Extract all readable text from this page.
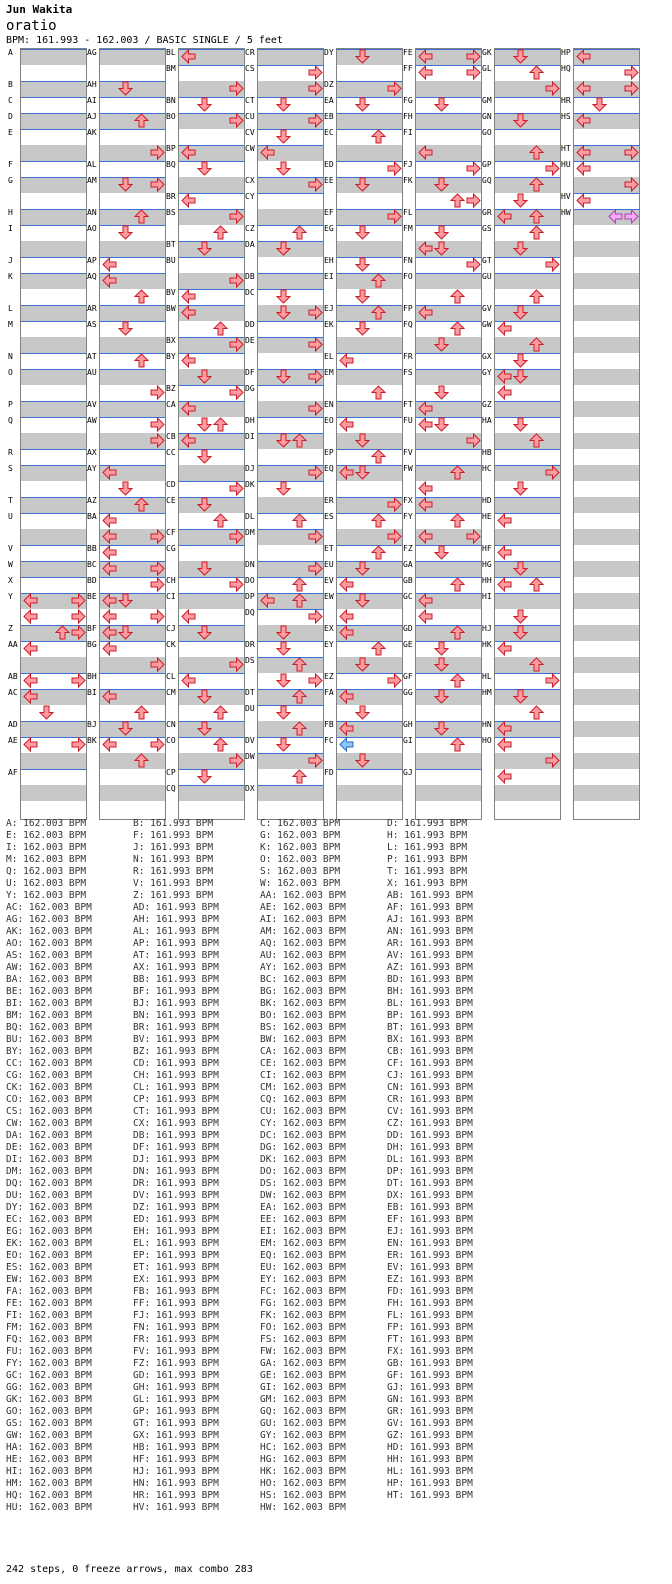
Jun Wakita
oratio
BPM: 161.993 - 162.003 / BASIC SINGLE / 5 feet
A
B
C
D
E
F
G
H
I
J
K
L
M
N
O
P
Q
R
S
T
U
V
W
X
Y
Z
AA
AB
AC
AD
AE
AF
AG
AH
AI
AJ
AK
AL
AM
AN
AO
AP
AQ
AR
AS
AT
AU
AV
AW
AX
AY
AZ
BA
BB
BC
BD
BE
BF
BG
BH
BI
BJ
BK
BL
BM
BN
BO
BP
BQ
BR
BS
BT
BU
BV
BW
BX
BY
BZ
CA
CB
CC
CD
CE
CF
CG
CH
CI
CJ
CK
CL
CM
CN
CO
CP
CQ
CR
CS
CT
CU
CV
CW
CX
CY
CZ
DA
DB
DC
DD
DE
DF
DG
DH
DI
DJ
DK
DL
DM
DN
DO
DP
DQ
DR
DS
DT
DU
DV
DW
DX
DY
DZ
EA
EB
EC
ED
EE
EF
EG
EH
EI
EJ
EK
EL
EM
EN
EO
EP
EQ
ER
ES
ET
EU
EV
EW
EX
EY
EZ
FA
FB
FC
FD
FE
FF
FG
FH
FI
FJ
FK
FL
FM
FN
FO
FP
FQ
FR
FS
FT
FU
FV
FW
FX
FY
FZ
GA
GB
GC
GD
GE
GF
GG
GH
GI
GJ
GK
GL
GM
GN
GO
GP
GQ
GR
GS
GT
GU
GV
GW
GX
GY
GZ
HA
HB
HC
HD
HE
HF
HG
HH
HI
HJ
HK
HL
HM
HN
HO
HP
HQ
HR
HS
HT
HU
HV
HW
A: 162.003 BPM	B: 161.993 BPM	C: 162.003 BPM	D: 161.993 BPM
E: 162.003 BPM	F: 161.993 BPM	G: 162.003 BPM	H: 161.993 BPM
I: 162.003 BPM	J: 161.993 BPM	K: 162.003 BPM	L: 161.993 BPM
M: 162.003 BPM	N: 161.993 BPM	O: 162.003 BPM	P: 161.993 BPM
Q: 162.003 BPM	R: 161.993 BPM	S: 162.003 BPM	T: 161.993 BPM
U: 162.003 BPM	V: 161.993 BPM	W: 162.003 BPM	X: 161.993 BPM
Y: 162.003 BPM	Z: 161.993 BPM	AA: 162.003 BPM	AB: 161.993 BPM
AC: 162.003 BPM	AD: 161.993 BPM	AE: 162.003 BPM	AF: 161.993 BPM
AG: 162.003 BPM	AH: 161.993 BPM	AI: 162.003 BPM	AJ: 161.993 BPM
AK: 162.003 BPM	AL: 161.993 BPM	AM: 162.003 BPM	AN: 161.993 BPM
AO: 162.003 BPM	AP: 161.993 BPM	AQ: 162.003 BPM	AR: 161.993 BPM
AS: 162.003 BPM	AT: 161.993 BPM	AU: 162.003 BPM	AV: 161.993 BPM
AW: 162.003 BPM	AX: 161.993 BPM	AY: 162.003 BPM	AZ: 161.993 BPM
BA: 162.003 BPM	BB: 161.993 BPM	BC: 162.003 BPM	BD: 161.993 BPM
BE: 162.003 BPM	BF: 161.993 BPM	BG: 162.003 BPM	BH: 161.993 BPM
BI: 162.003 BPM	BJ: 161.993 BPM	BK: 162.003 BPM	BL: 161.993 BPM
BM: 162.003 BPM	BN: 161.993 BPM	BO: 162.003 BPM	BP: 161.993 BPM
BQ: 162.003 BPM	BR: 161.993 BPM	BS: 162.003 BPM	BT: 161.993 BPM
BU: 162.003 BPM	BV: 161.993 BPM	BW: 162.003 BPM	BX: 161.993 BPM
BY: 162.003 BPM	BZ: 161.993 BPM	CA: 162.003 BPM	CB: 161.993 BPM
CC: 162.003 BPM	CD: 161.993 BPM	CE: 162.003 BPM	CF: 161.993 BPM
CG: 162.003 BPM	CH: 161.993 BPM	CI: 162.003 BPM	CJ: 161.993 BPM
CK: 162.003 BPM	CL: 161.993 BPM	CM: 162.003 BPM	CN: 161.993 BPM
CO: 162.003 BPM	CP: 161.993 BPM	CQ: 162.003 BPM	CR: 161.993 BPM
CS: 162.003 BPM	CT: 161.993 BPM	CU: 162.003 BPM	CV: 161.993 BPM
CW: 162.003 BPM	CX: 161.993 BPM	CY: 162.003 BPM	CZ: 161.993 BPM
DA: 162.003 BPM	DB: 161.993 BPM	DC: 162.003 BPM	DD: 161.993 BPM
DE: 162.003 BPM	DF: 161.993 BPM	DG: 162.003 BPM	DH: 161.993 BPM
DI: 162.003 BPM	DJ: 161.993 BPM	DK: 162.003 BPM	DL: 161.993 BPM
DM: 162.003 BPM	DN: 161.993 BPM	DO: 162.003 BPM	DP: 161.993 BPM
DQ: 162.003 BPM	DR: 161.993 BPM	DS: 162.003 BPM	DT: 161.993 BPM
DU: 162.003 BPM	DV: 161.993 BPM	DW: 162.003 BPM	DX: 161.993 BPM
DY: 162.003 BPM	DZ: 161.993 BPM	EA: 162.003 BPM	EB: 161.993 BPM
EC: 162.003 BPM	ED: 161.993 BPM	EE: 162.003 BPM	EF: 161.993 BPM
EG: 162.003 BPM	EH: 161.993 BPM	EI: 162.003 BPM	EJ: 161.993 BPM
EK: 162.003 BPM	EL: 161.993 BPM	EM: 162.003 BPM	EN: 161.993 BPM
EO: 162.003 BPM	EP: 161.993 BPM	EQ: 162.003 BPM	ER: 161.993 BPM
ES: 162.003 BPM	ET: 161.993 BPM	EU: 162.003 BPM	EV: 161.993 BPM
EW: 162.003 BPM	EX: 161.993 BPM	EY: 162.003 BPM	EZ: 161.993 BPM
FA: 162.003 BPM	FB: 161.993 BPM	FC: 162.003 BPM	FD: 161.993 BPM
FE: 162.003 BPM	FF: 161.993 BPM	FG: 162.003 BPM	FH: 161.993 BPM
FI: 162.003 BPM	FJ: 161.993 BPM	FK: 162.003 BPM	FL: 161.993 BPM
FM: 162.003 BPM	FN: 161.993 BPM	FO: 162.003 BPM	FP: 161.993 BPM
FQ: 162.003 BPM	FR: 161.993 BPM	FS: 162.003 BPM	FT: 161.993 BPM
FU: 162.003 BPM	FV: 161.993 BPM	FW: 162.003 BPM	FX: 161.993 BPM
FY: 162.003 BPM	FZ: 161.993 BPM	GA: 162.003 BPM	GB: 161.993 BPM
GC: 162.003 BPM	GD: 161.993 BPM	GE: 162.003 BPM	GF: 161.993 BPM
GG: 162.003 BPM	GH: 161.993 BPM	GI: 162.003 BPM	GJ: 161.993 BPM
GK: 162.003 BPM	GL: 161.993 BPM	GM: 162.003 BPM	GN: 161.993 BPM
GO: 162.003 BPM	GP: 161.993 BPM	GQ: 162.003 BPM	GR: 161.993 BPM
GS: 162.003 BPM	GT: 161.993 BPM	GU: 162.003 BPM	GV: 161.993 BPM
GW: 162.003 BPM	GX: 161.993 BPM	GY: 162.003 BPM	GZ: 161.993 BPM
HA: 162.003 BPM	HB: 161.993 BPM	HC: 162.003 BPM	HD: 161.993 BPM
HE: 162.003 BPM	HF: 161.993 BPM	HG: 162.003 BPM	HH: 161.993 BPM
HI: 162.003 BPM	HJ: 161.993 BPM	HK: 162.003 BPM	HL: 161.993 BPM
HM: 162.003 BPM	HN: 161.993 BPM	HO: 162.003 BPM	HP: 161.993 BPM
HQ: 162.003 BPM	HR: 161.993 BPM	HS: 162.003 BPM	HT: 161.993 BPM
HU: 162.003 BPM	HV: 161.993 BPM	HW: 162.003 BPM
242 steps, 0 freeze arrows, max combo 283
